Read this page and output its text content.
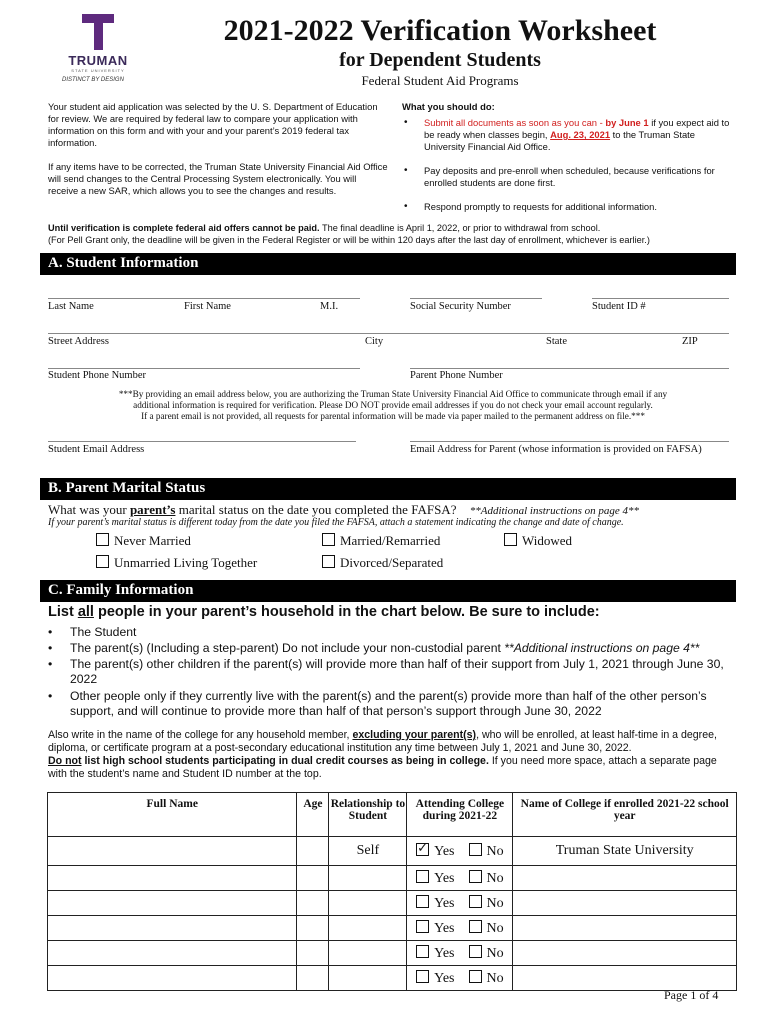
TRUMAN
STATE UNIVERSITY
DISTINCT BY DESIGN
2021-2022 Verification Worksheet
for Dependent Students
Federal Student Aid Programs

Your student aid application was selected by the U. S. Department of Education for review. We are required by federal law to compare your application with information on this form and with your and your parent’s 2019 federal tax information.

If any items have to be corrected, the Truman State University Financial Aid Office will send changes to the Central Processing System electronically. You will receive a new SAR, which allows you to see the changes and results.

What you should do:
• Submit all documents as soon as you can - by June 1 if you expect aid to be ready when classes begin, Aug. 23, 2021 to the Truman State University Financial Aid Office.
• Pay deposits and pre-enroll when scheduled, because verifications for enrolled students are done first.
• Respond promptly to requests for additional information.
Until verification is complete federal aid offers cannot be paid. The final deadline is April 1, 2022, or prior to withdrawal from school.
(For Pell Grant only, the deadline will be given in the Federal Register or will be within 120 days after the last day of enrollment, whichever is earlier.)
A. Student Information
Last Name	First Name	M.I.	Social Security Number	Student ID #
Street Address	City	State	ZIP
Student Phone Number	Parent Phone Number
***By providing an email address below, you are authorizing the Truman State University Financial Aid Office to communicate through email if any
additional information is required for verification. Please DO NOT provide email addresses if you do not check your email account regularly.
If a parent email is not provided, all requests for parental information will be made via paper mailed to the permanent address on file.***
Student Email Address	Email Address for Parent (whose information is provided on FAFSA)
B. Parent Marital Status
What was your parent’s marital status on the date you completed the FAFSA? **Additional instructions on page 4**
If your parent’s marital status is different today from the date you filed the FAFSA, attach a statement indicating the change and date of change.
Never Married	Married/Remarried	Widowed
Unmarried Living Together	Divorced/Separated
C. Family Information
List all people in your parent’s household in the chart below. Be sure to include:
•	The Student
•	The parent(s) (Including a step-parent) Do not include your non-custodial parent **Additional instructions on page 4**
•	The parent(s) other children if the parent(s) will provide more than half of their support from July 1, 2021 through June 30, 2022
•	Other people only if they currently live with the parent(s) and the parent(s) provide more than half of the other person’s support, and will continue to provide more than half of that person’s support through June 30, 2022
Also write in the name of the college for any household member, excluding your parent(s), who will be enrolled, at least half-time in a degree, diploma, or certificate program at a post-secondary educational institution any time between July 1, 2021 and June 30, 2022.
Do not list high school students participating in dual credit courses as being in college. If you need more space, attach a separate page with the student’s name and Student ID number at the top.
Full Name	Age	Relationship to Student	Attending College during 2021-22	Name of College if enrolled 2021-22 school year
		Self	✓Yes No	Truman State University
			Yes No	
			Yes No	
			Yes No	
			Yes No	
			Yes No	
Page 1 of 4
